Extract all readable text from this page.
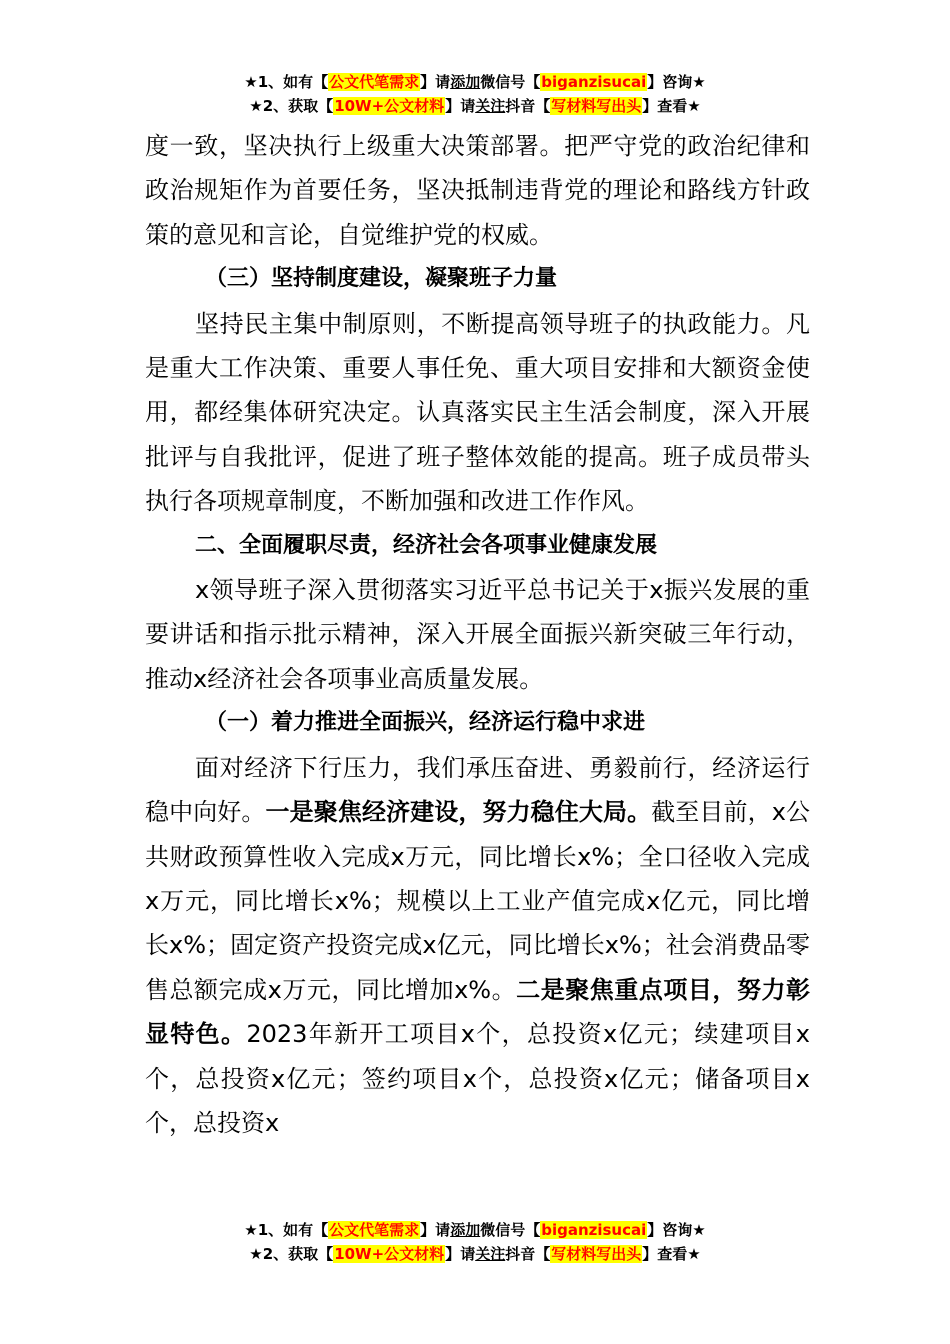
★1、如有【公文代笔需求】请添加微信号【biganzisucai】咨询★
★2、获取【10W+公文材料】请关注抖音【写材料写出头】查看★

度一致，坚决执行上级重大决策部署。把严守党的政治纪律和政治规矩作为首要任务，坚决抵制违背党的理论和路线方针政策的意见和言论，自觉维护党的权威。

（三）坚持制度建设，凝聚班子力量

坚持民主集中制原则，不断提高领导班子的执政能力。凡是重大工作决策、重要人事任免、重大项目安排和大额资金使用，都经集体研究决定。认真落实民主生活会制度，深入开展批评与自我批评，促进了班子整体效能的提高。班子成员带头执行各项规章制度，不断加强和改进工作作风。

二、全面履职尽责，经济社会各项事业健康发展

x领导班子深入贯彻落实习近平总书记关于x振兴发展的重要讲话和指示批示精神，深入开展全面振兴新突破三年行动，推动x经济社会各项事业高质量发展。

（一）着力推进全面振兴，经济运行稳中求进

面对经济下行压力，我们承压奋进、勇毅前行，经济运行稳中向好。一是聚焦经济建设，努力稳住大局。截至目前，x公共财政预算性收入完成x万元，同比增长x%；全口径收入完成x万元，同比增长x%；规模以上工业产值完成x亿元，同比增长x%；固定资产投资完成x亿元，同比增长x%；社会消费品零售总额完成x万元，同比增加x%。二是聚焦重点项目，努力彰显特色。2023年新开工项目x个，总投资x亿元；续建项目x个，总投资x亿元；签约项目x个，总投资x亿元；储备项目x个，总投资x

★1、如有【公文代笔需求】请添加微信号【biganzisucai】咨询★
★2、获取【10W+公文材料】请关注抖音【写材料写出头】查看★
